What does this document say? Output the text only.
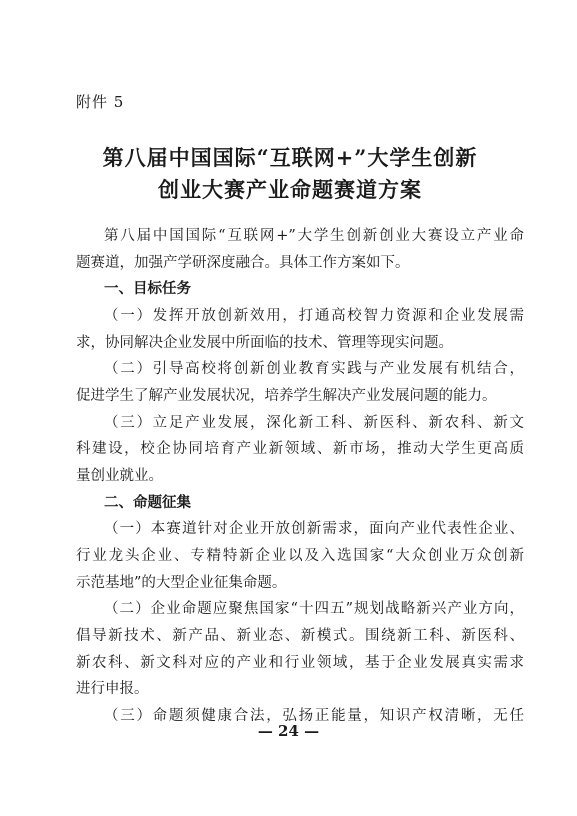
附件 5
第八届中国国际“互联网+”大学生创新
创业大赛产业命题赛道方案
第八届中国国际“互联网+”大学生创新创业大赛设立产业命
题赛道，加强产学研深度融合。具体工作方案如下。
一、目标任务
（一）发挥开放创新效用，打通高校智力资源和企业发展需
求，协同解决企业发展中所面临的技术、管理等现实问题。
（二）引导高校将创新创业教育实践与产业发展有机结合，
促进学生了解产业发展状况，培养学生解决产业发展问题的能力。
（三）立足产业发展，深化新工科、新医科、新农科、新文
科建设，校企协同培育产业新领域、新市场，推动大学生更高质
量创业就业。
二、命题征集
（一）本赛道针对企业开放创新需求，面向产业代表性企业、
行业龙头企业、专精特新企业以及入选国家“大众创业万众创新
示范基地”的大型企业征集命题。
（二）企业命题应聚焦国家“十四五”规划战略新兴产业方向，
倡导新技术、新产品、新业态、新模式。围绕新工科、新医科、
新农科、新文科对应的产业和行业领域，基于企业发展真实需求
进行申报。
（三）命题须健康合法，弘扬正能量，知识产权清晰，无任
— 24 —
